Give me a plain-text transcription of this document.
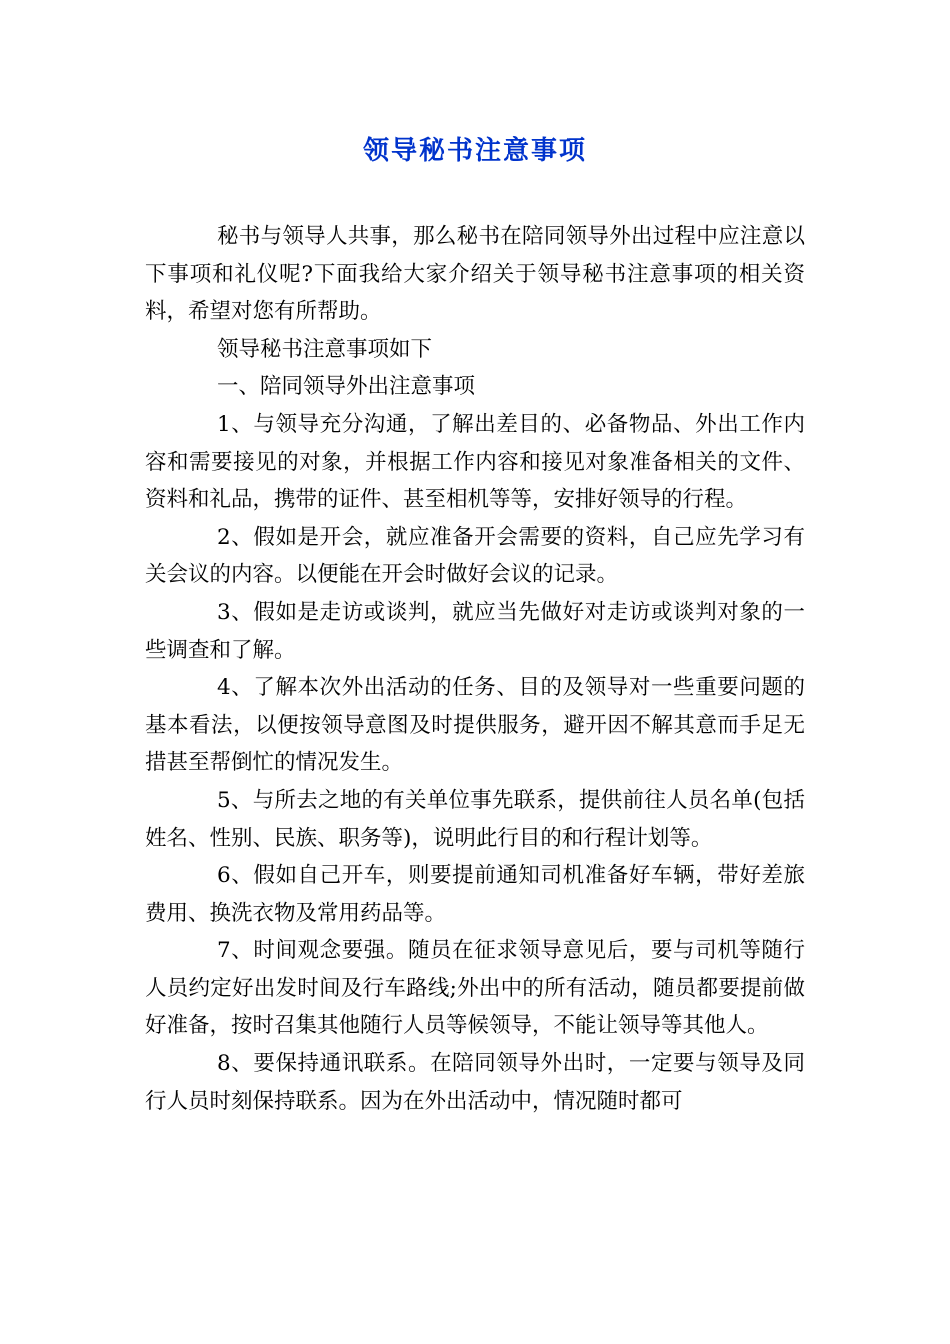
领导秘书注意事项

秘书与领导人共事，那么秘书在陪同领导外出过程中应注意以下事项和礼仪呢?下面我给大家介绍关于领导秘书注意事项的相关资料，希望对您有所帮助。

领导秘书注意事项如下

一、陪同领导外出注意事项

1、与领导充分沟通，了解出差目的、必备物品、外出工作内容和需要接见的对象，并根据工作内容和接见对象准备相关的文件、资料和礼品，携带的证件、甚至相机等等，安排好领导的行程。

2、假如是开会，就应准备开会需要的资料，自己应先学习有关会议的内容。以便能在开会时做好会议的记录。

3、假如是走访或谈判，就应当先做好对走访或谈判对象的一些调查和了解。

4、了解本次外出活动的任务、目的及领导对一些重要问题的基本看法，以便按领导意图及时提供服务，避开因不解其意而手足无措甚至帮倒忙的情况发生。

5、与所去之地的有关单位事先联系，提供前往人员名单(包括姓名、性别、民族、职务等)，说明此行目的和行程计划等。

6、假如自己开车，则要提前通知司机准备好车辆，带好差旅费用、换洗衣物及常用药品等。

7、时间观念要强。随员在征求领导意见后，要与司机等随行人员约定好出发时间及行车路线;外出中的所有活动，随员都要提前做好准备，按时召集其他随行人员等候领导，不能让领导等其他人。

8、要保持通讯联系。在陪同领导外出时，一定要与领导及同行人员时刻保持联系。因为在外出活动中，情况随时都可
